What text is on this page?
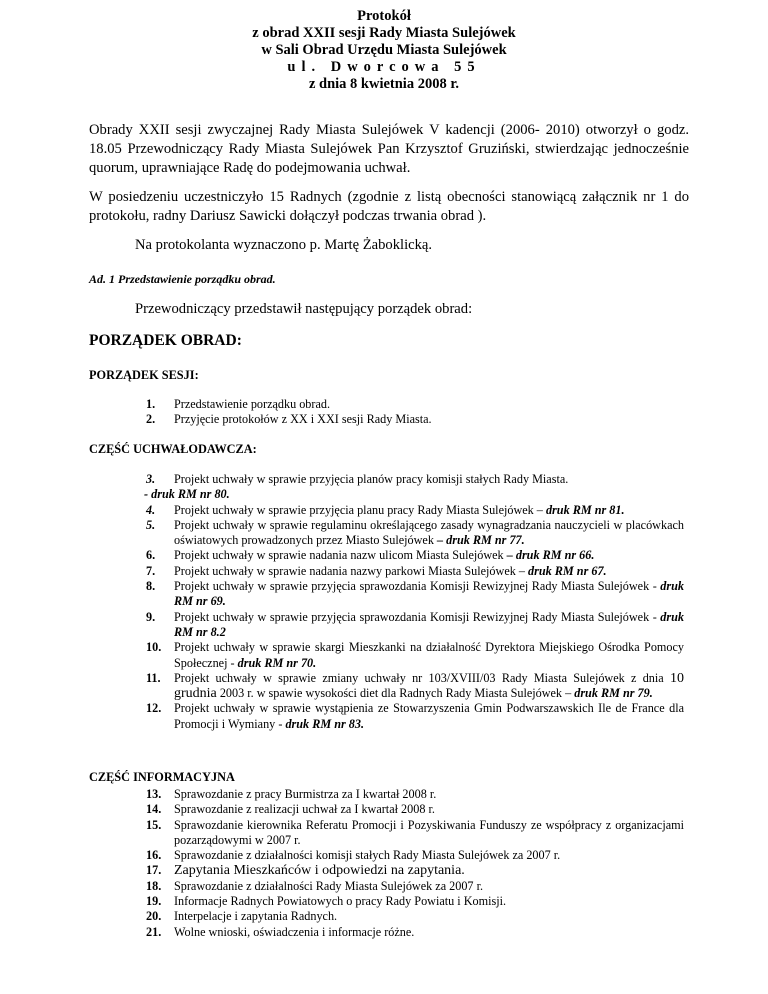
Protokół
z obrad XXII sesji Rady Miasta Sulejówek
w Sali Obrad Urzędu Miasta Sulejówek
ul. Dworcowa 55
z dnia 8 kwietnia 2008 r.
Obrady XXII sesji zwyczajnej Rady Miasta Sulejówek V kadencji (2006- 2010) otworzył o godz. 18.05 Przewodniczący Rady Miasta Sulejówek Pan Krzysztof Gruziński, stwierdzając jednocześnie quorum, uprawniające Radę do podejmowania uchwał.
W posiedzeniu uczestniczyło 15 Radnych (zgodnie z listą obecności stanowiącą załącznik nr 1 do protokołu, radny Dariusz Sawicki dołączył podczas trwania obrad ).
Na protokolanta wyznaczono p. Martę Żaboklicką.
Ad. 1 Przedstawienie porządku obrad.
Przewodniczący przedstawił następujący porządek obrad:
PORZĄDEK OBRAD:
PORZĄDEK SESJI:
1. Przedstawienie porządku obrad.
2. Przyjęcie protokołów z XX i XXI sesji Rady Miasta.
CZĘŚĆ UCHWAŁODAWCZA:
3. Projekt uchwały w sprawie przyjęcia planów pracy komisji stałych Rady Miasta.
- druk RM nr 80.
4. Projekt uchwały w sprawie przyjęcia planu pracy Rady Miasta Sulejówek – druk RM nr 81.
5. Projekt uchwały w sprawie regulaminu określającego zasady wynagradzania nauczycieli w placówkach oświatowych prowadzonych przez Miasto Sulejówek – druk RM nr 77.
6. Projekt uchwały w sprawie nadania nazw ulicom Miasta Sulejówek – druk RM nr 66.
7. Projekt uchwały w sprawie nadania nazwy parkowi Miasta Sulejówek – druk RM nr 67.
8. Projekt uchwały w sprawie przyjęcia sprawozdania Komisji Rewizyjnej Rady Miasta Sulejówek - druk RM nr 69.
9. Projekt uchwały w sprawie przyjęcia sprawozdania Komisji Rewizyjnej Rady Miasta Sulejówek - druk RM nr 8.2
10. Projekt uchwały w sprawie skargi Mieszkanki na działalność Dyrektora Miejskiego Ośrodka Pomocy Społecznej - druk RM nr 70.
11. Projekt uchwały w sprawie zmiany uchwały nr 103/XVIII/03 Rady Miasta Sulejówek z dnia 10 grudnia 2003 r. w spawie wysokości diet dla Radnych Rady Miasta Sulejówek – druk RM nr 79.
12. Projekt uchwały w sprawie wystąpienia ze Stowarzyszenia Gmin Podwarszawskich Ile de France dla Promocji i Wymiany - druk RM nr 83.
CZĘŚĆ INFORMACYJNA
13. Sprawozdanie z pracy Burmistrza za I kwartał 2008 r.
14. Sprawozdanie z realizacji uchwał za I kwartał 2008 r.
15. Sprawozdanie kierownika Referatu Promocji i Pozyskiwania Funduszy ze współpracy z organizacjami pozarządowymi w 2007 r.
16. Sprawozdanie z działalności komisji stałych Rady Miasta Sulejówek za 2007 r.
17. Zapytania Mieszkańców i odpowiedzi na zapytania.
18. Sprawozdanie z działalności Rady Miasta Sulejówek za 2007 r.
19. Informacje Radnych Powiatowych o pracy Rady Powiatu i Komisji.
20. Interpelacje i zapytania Radnych.
21. Wolne wnioski, oświadczenia i informacje różne.
